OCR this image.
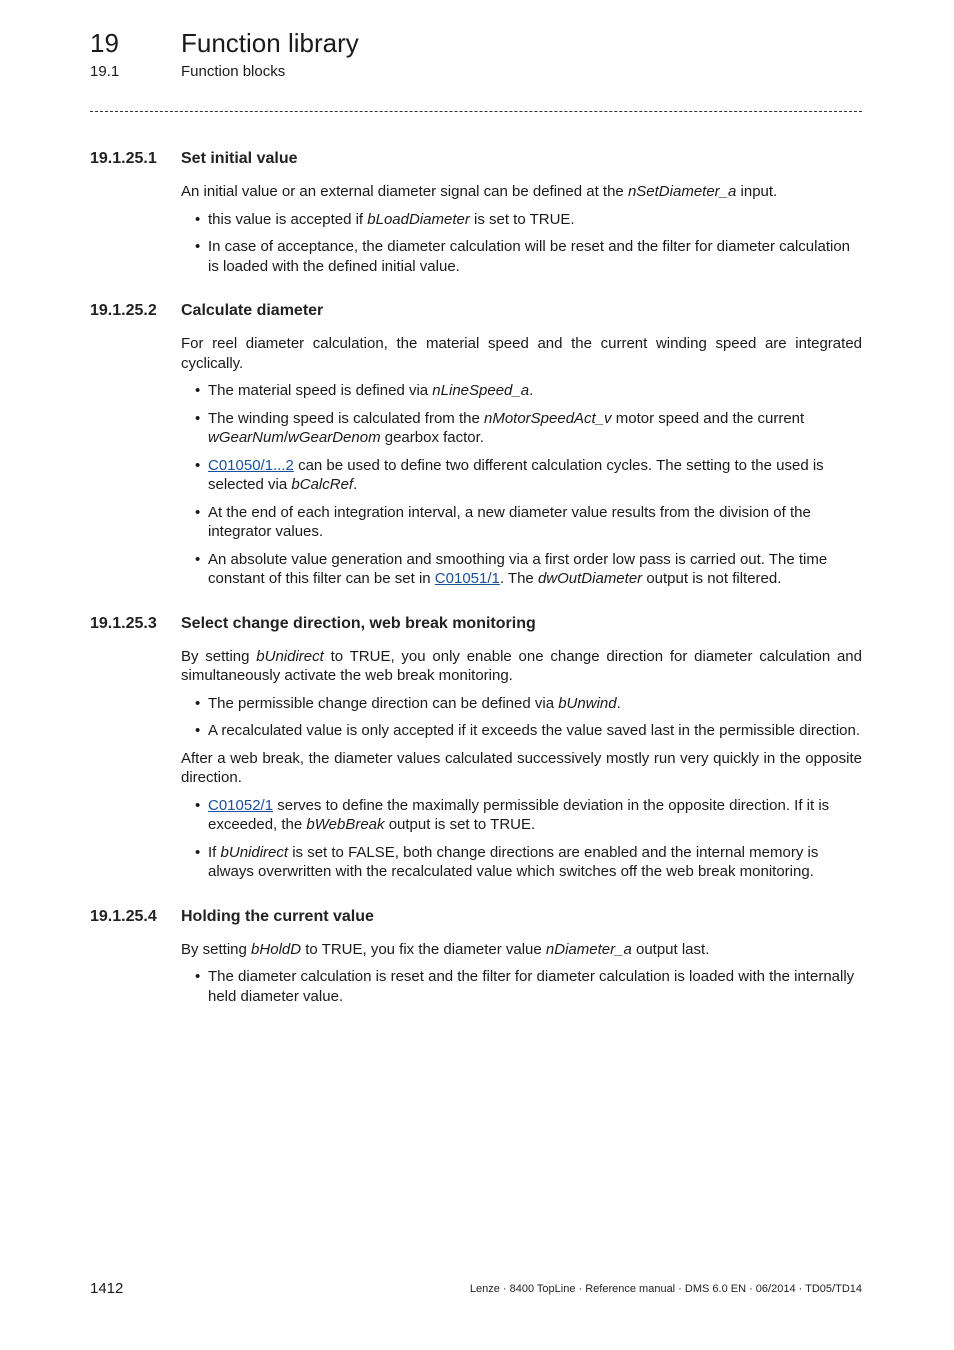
19 Function library
19.1	Function blocks
19.1.25.1	Set initial value

An initial value or an external diameter signal can be defined at the nSetDiameter_a input.

• this value is accepted if bLoadDiameter is set to TRUE.
• In case of acceptance, the diameter calculation will be reset and the filter for diameter calculation is loaded with the defined initial value.
19.1.25.2	Calculate diameter

For reel diameter calculation, the material speed and the current winding speed are integrated cyclically.

• The material speed is defined via nLineSpeed_a.
• The winding speed is calculated from the nMotorSpeedAct_v motor speed and the current wGearNum/wGearDenom gearbox factor.
• C01050/1...2 can be used to define two different calculation cycles. The setting to the used is selected via bCalcRef.
• At the end of each integration interval, a new diameter value results from the division of the integrator values.
• An absolute value generation and smoothing via a first order low pass is carried out. The time constant of this filter can be set in C01051/1. The dwOutDiameter output is not filtered.
19.1.25.3	Select change direction, web break monitoring

By setting bUnidirect to TRUE, you only enable one change direction for diameter calculation and simultaneously activate the web break monitoring.

• The permissible change direction can be defined via bUnwind.
• A recalculated value is only accepted if it exceeds the value saved last in the permissible direction.

After a web break, the diameter values calculated successively mostly run very quickly in the opposite direction.

• C01052/1 serves to define the maximally permissible deviation in the opposite direction. If it is exceeded, the bWebBreak output is set to TRUE.
• If bUnidirect is set to FALSE, both change directions are enabled and the internal memory is always overwritten with the recalculated value which switches off the web break monitoring.
19.1.25.4	Holding the current value

By setting bHoldD to TRUE, you fix the diameter value nDiameter_a output last.

• The diameter calculation is reset and the filter for diameter calculation is loaded with the internally held diameter value.
1412	Lenze · 8400 TopLine · Reference manual · DMS 6.0 EN · 06/2014 · TD05/TD14
